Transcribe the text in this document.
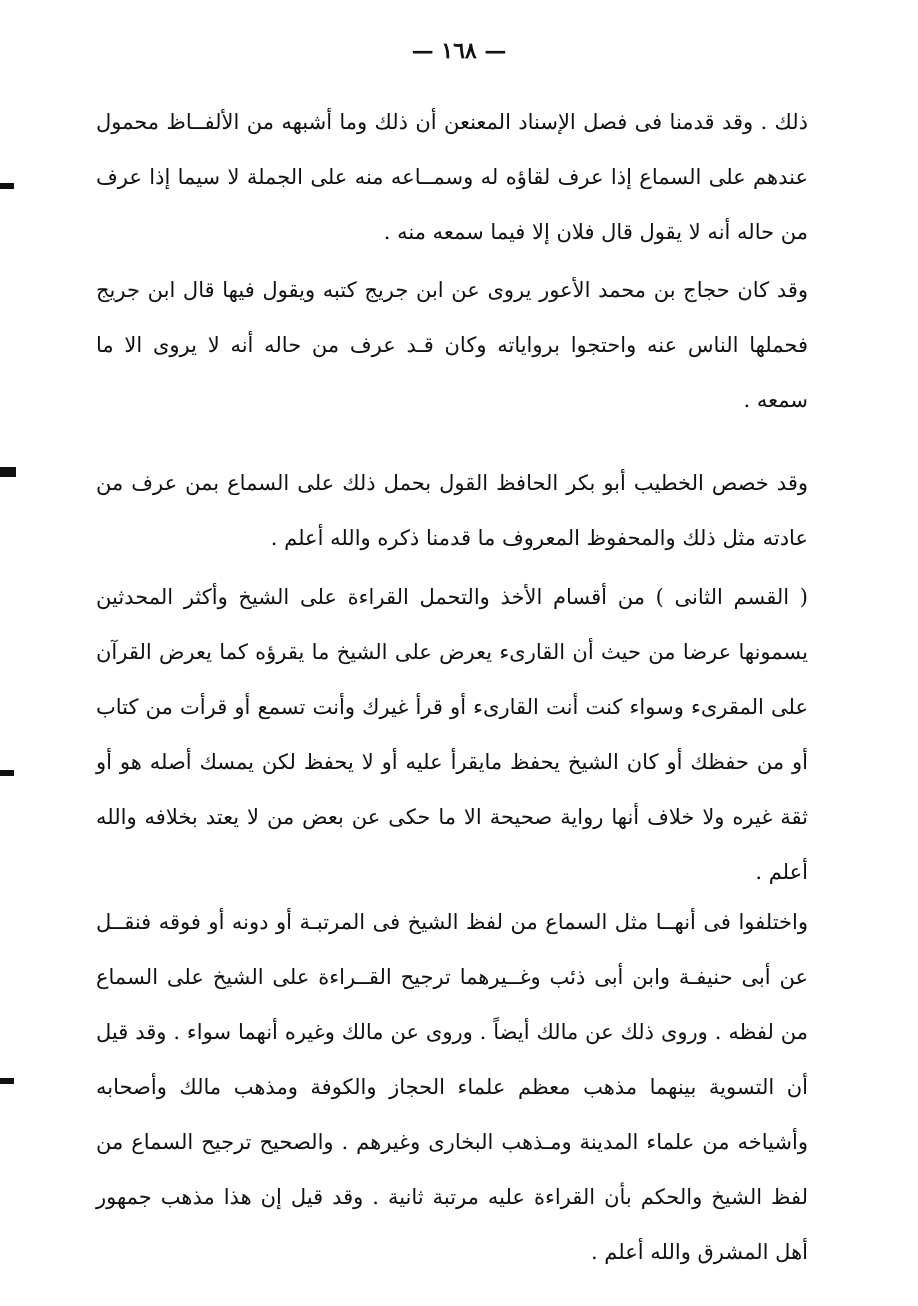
— ١٦٨ —

ذلك . وقد قدمنا فى فصل الإسناد المعنعن أن ذلك وما أشبهه من الألفــاظ محمول عندهم على السماع إذا عرف لقاؤه له وسمــاعه منه على الجملة لا سيما إذا عرف من حاله أنه لا يقول قال فلان إلا فيما سمعه منه .

وقد كان حجاج بن محمد الأعور يروى عن ابن جريج كتبه ويقول فيها قال ابن جريج فحملها الناس عنه واحتجوا برواياته وكان قـد عرف من حاله أنه لا يروى الا ما سمعه .

وقد خصص الخطيب أبو بكر الحافظ القول بحمل ذلك على السماع بمن عرف من عادته مثل ذلك والمحفوظ المعروف ما قدمنا ذكره والله أعلم .

( القسم الثانى ) من أقسام الأخذ والتحمل القراءة على الشيخ وأكثر المحدثين يسمونها عرضا من حيث أن القارىء يعرض على الشيخ ما يقرؤه كما يعرض القرآن على المقرىء وسواء كنت أنت القارىء أو قرأ غيرك وأنت تسمع أو قرأت من كتاب أو من حفظك أو كان الشيخ يحفظ مايقرأ عليه أو لا يحفظ لكن يمسك أصله هو أو ثقة غيره ولا خلاف أنها رواية صحيحة الا ما حكى عن بعض من لا يعتد بخلافه والله أعلم .

واختلفوا فى أنهــا مثل السماع من لفظ الشيخ فى المرتبـة أو دونه أو فوقه فنقــل عن أبى حنيفـة وابن أبى ذئب وغــيرهما ترجيح القــراءة على الشيخ على السماع من لفظه . وروى ذلك عن مالك أيضاً . وروى عن مالك وغيره أنهما سواء . وقد قيل أن التسوية بينهما مذهب معظم علماء الحجاز والكوفة ومذهب مالك وأصحابه وأشياخه من علماء المدينة ومـذهب البخارى وغيرهم . والصحيح ترجيح السماع من لفظ الشيخ والحكم بأن القراءة عليه مرتبة ثانية . وقد قيل إن هذا مذهب جمهور أهل المشرق والله أعلم .
